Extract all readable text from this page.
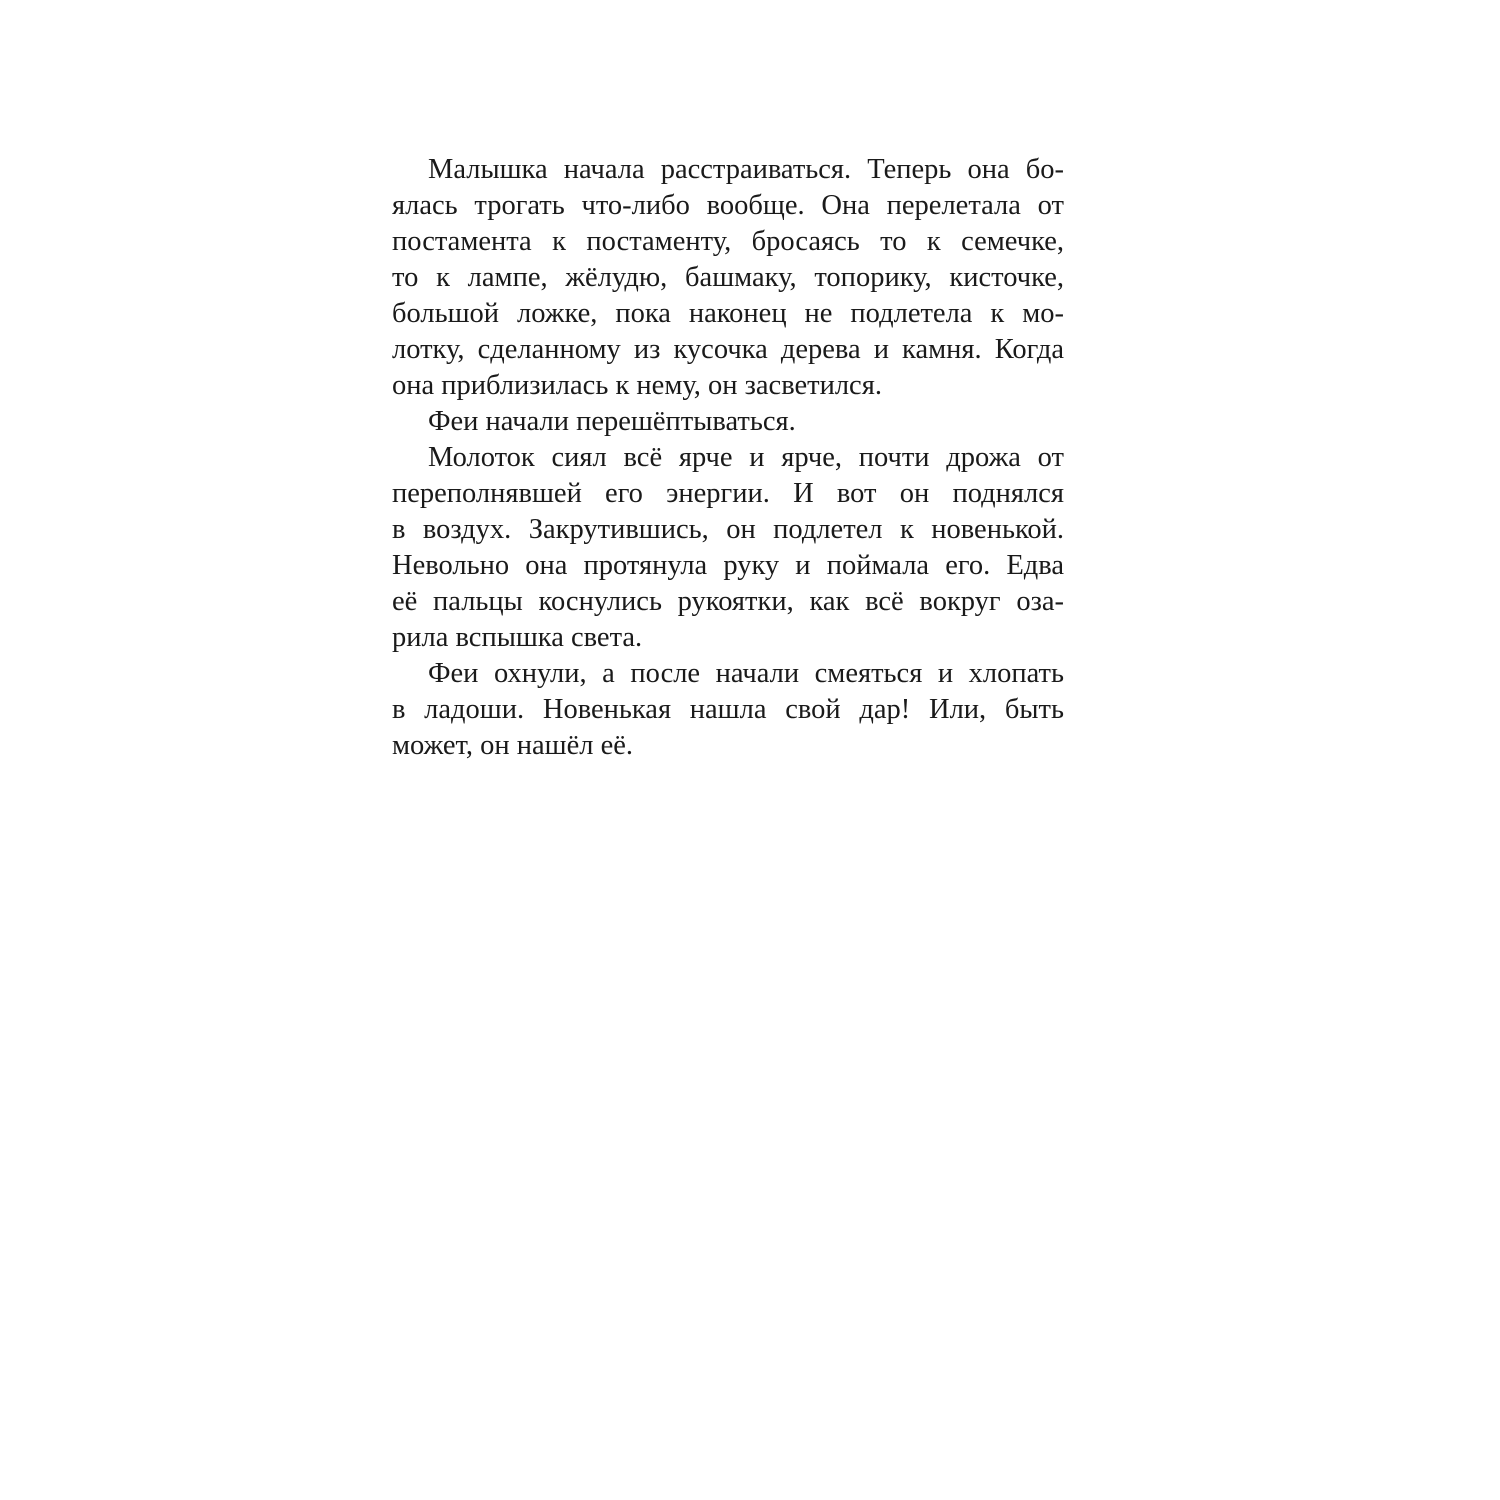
Малышка начала расстраиваться. Теперь она бо-
ялась трогать что-либо вообще. Она перелетала от
постамента к постаменту, бросаясь то к семечке,
то к лампе, жёлудю, башмаку, топорику, кисточке,
большой ложке, пока наконец не подлетела к мо-
лотку, сделанному из кусочка дерева и камня. Когда
она приблизилась к нему, он засветился.
Феи начали перешёптываться.
Молоток сиял всё ярче и ярче, почти дрожа от
переполнявшей его энергии. И вот он поднялся
в воздух. Закрутившись, он подлетел к новенькой.
Невольно она протянула руку и поймала его. Едва
её пальцы коснулись рукоятки, как всё вокруг оза-
рила вспышка света.
Феи охнули, а после начали смеяться и хлопать
в ладоши. Новенькая нашла свой дар! Или, быть
может, он нашёл её.
